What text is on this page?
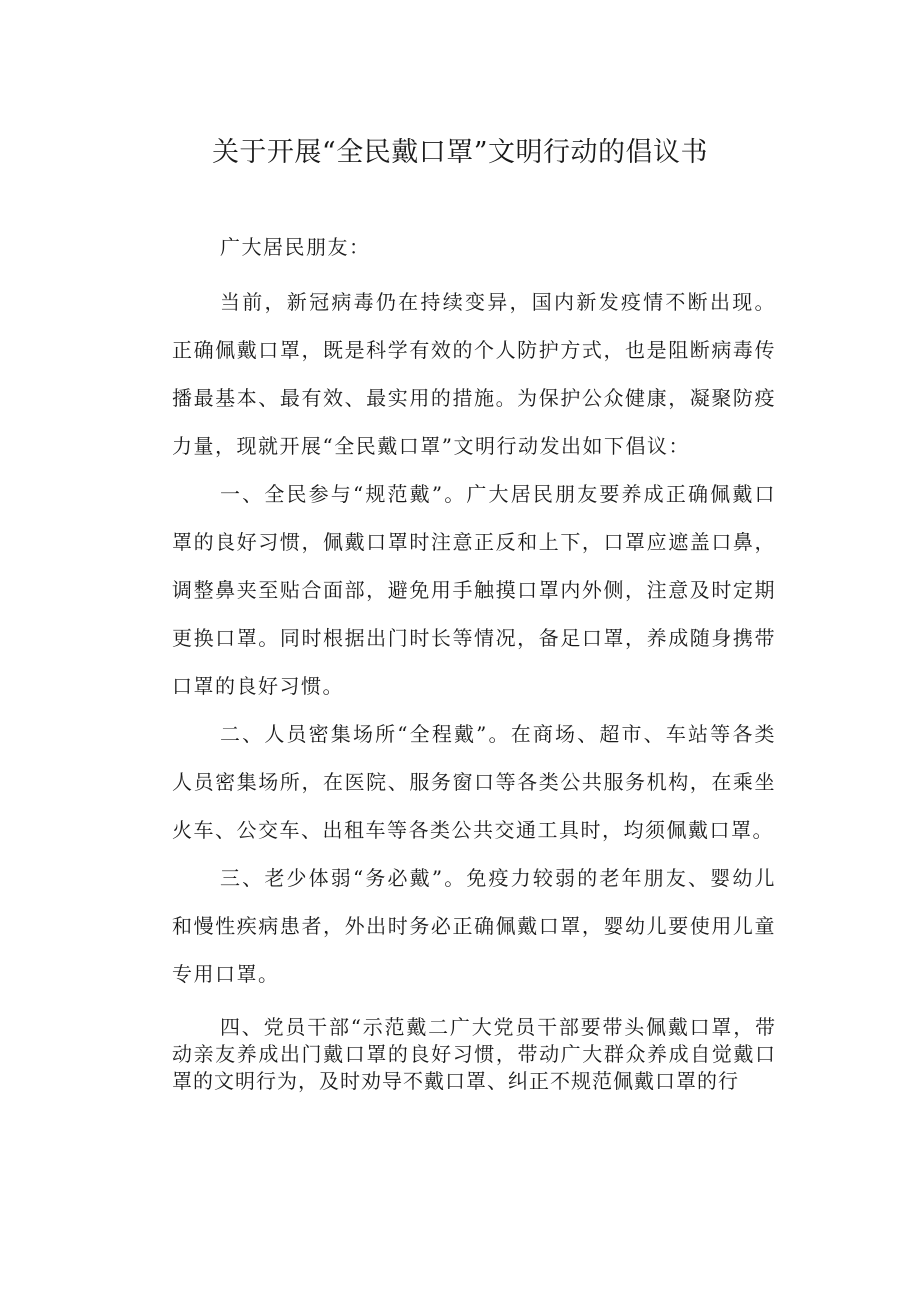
关于开展“全民戴口罩”文明行动的倡议书
广大居民朋友：

当前，新冠病毒仍在持续变异，国内新发疫情不断出现。正确佩戴口罩，既是科学有效的个人防护方式，也是阻断病毒传播最基本、最有效、最实用的措施。为保护公众健康，凝聚防疫力量，现就开展“全民戴口罩”文明行动发出如下倡议：

一、全民参与“规范戴”。广大居民朋友要养成正确佩戴口罩的良好习惯，佩戴口罩时注意正反和上下，口罩应遮盖口鼻，调整鼻夹至贴合面部，避免用手触摸口罩内外侧，注意及时定期更换口罩。同时根据出门时长等情况，备足口罩，养成随身携带口罩的良好习惯。

二、人员密集场所“全程戴”。在商场、超市、车站等各类人员密集场所，在医院、服务窗口等各类公共服务机构，在乘坐火车、公交车、出租车等各类公共交通工具时，均须佩戴口罩。

三、老少体弱“务必戴”。免疫力较弱的老年朋友、婴幼儿和慢性疾病患者，外出时务必正确佩戴口罩，婴幼儿要使用儿童专用口罩。

四、党员干部“示范戴二广大党员干部要带头佩戴口罩，带动亲友养成出门戴口罩的良好习惯，带动广大群众养成自觉戴口罩的文明行为，及时劝导不戴口罩、纠正不规范佩戴口罩的行
